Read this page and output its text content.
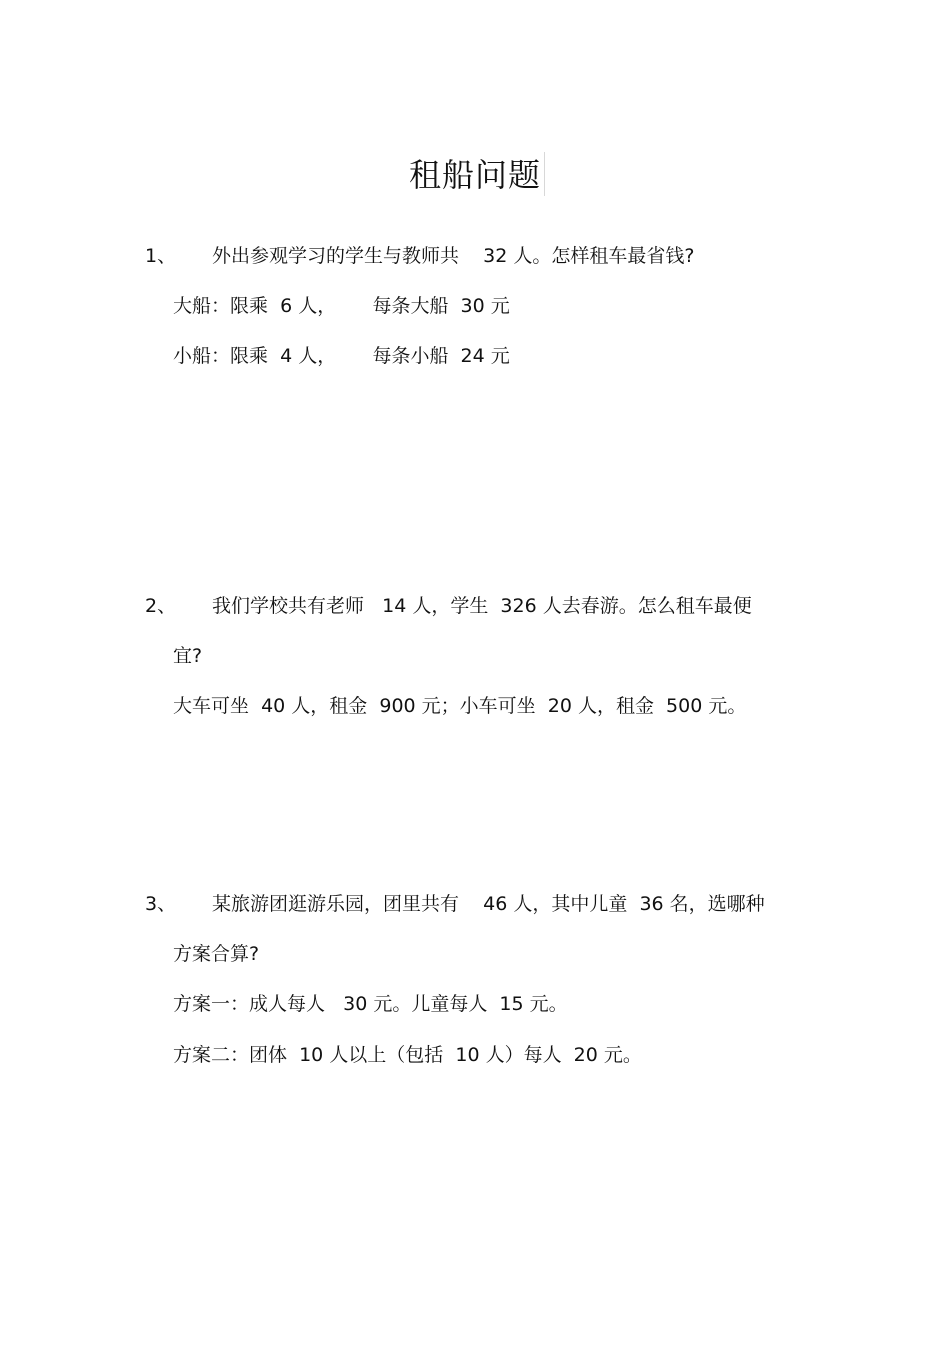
租船问题
1、 外出参观学习的学生与教师共    32 人。怎样租车最省钱?
大船：限乘  6 人，      每条大船  30 元
小船：限乘  4 人，      每条小船  24 元
2、 我们学校共有老师   14 人，学生  326 人去春游。怎么租车最便
宜?
大车可坐  40 人，租金  900 元；小车可坐  20 人，租金  500 元。
3、 某旅游团逛游乐园，团里共有    46 人，其中儿童  36 名，选哪种
方案合算?
方案一：成人每人   30 元。儿童每人  15 元。
方案二：团体  10 人以上（包括  10 人）每人  20 元。
